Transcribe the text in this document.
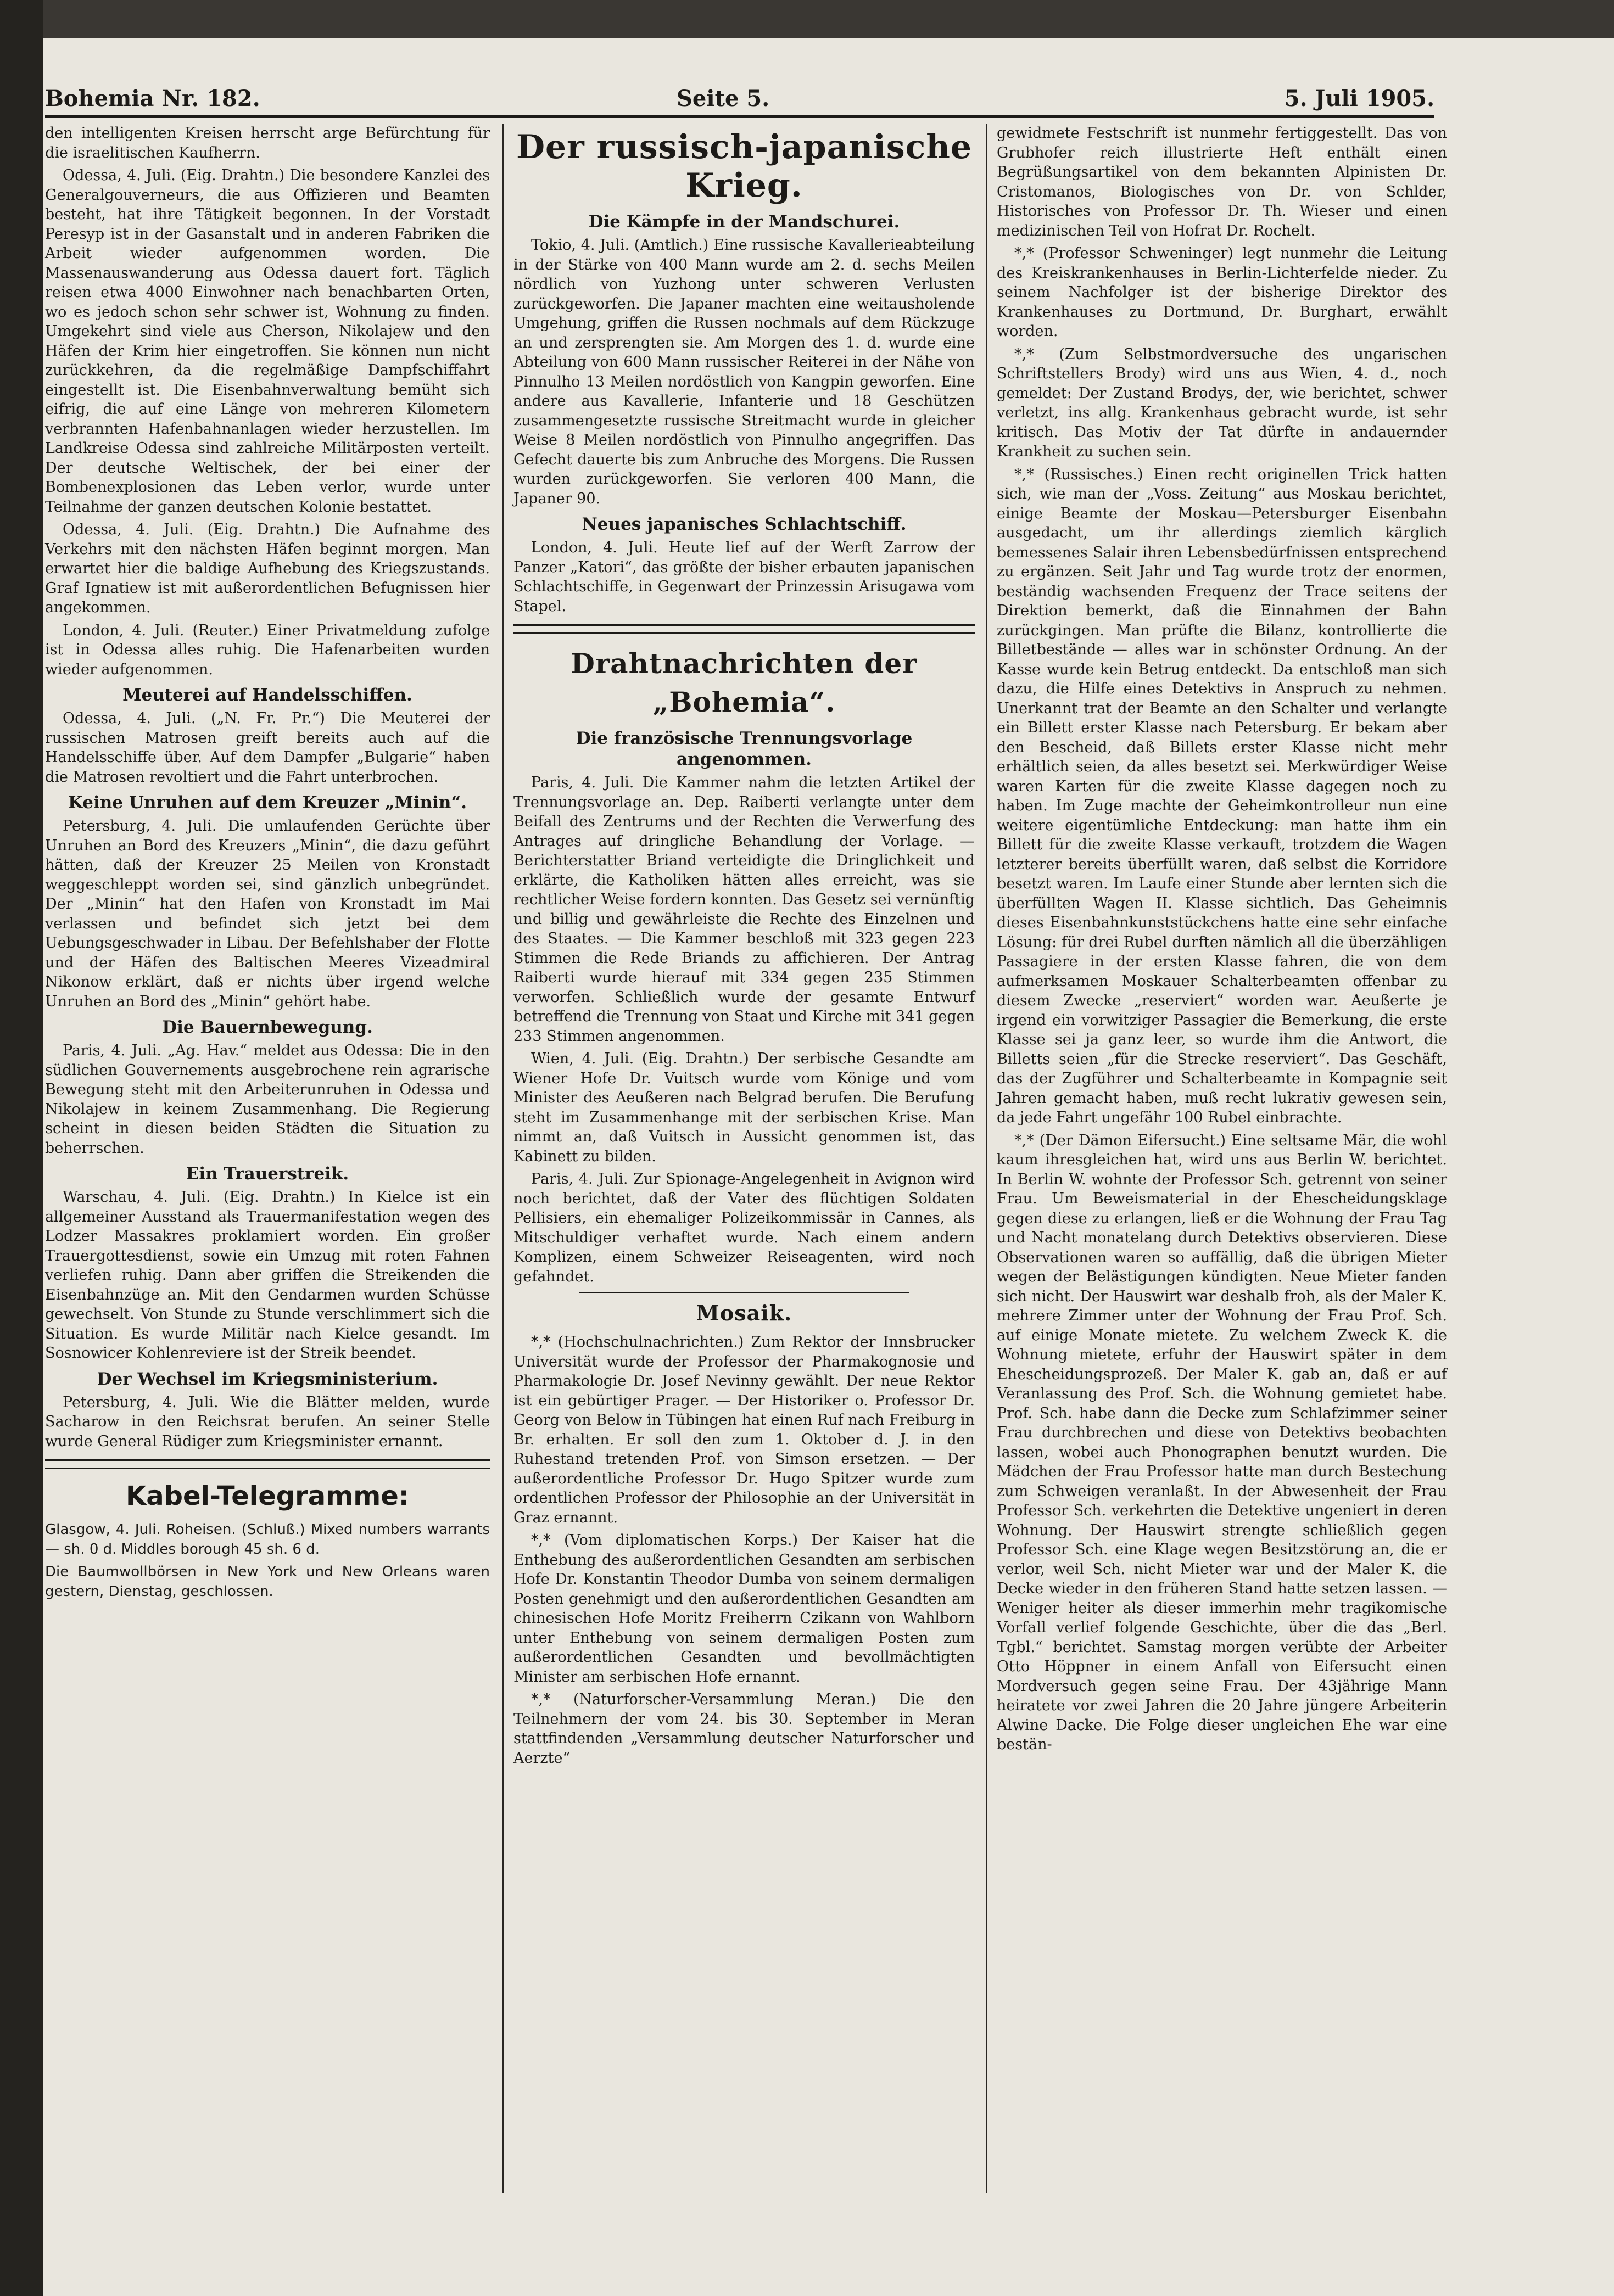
Bohemia Nr. 182.	Seite 5.	5. Juli 1905.

den intelligenten Kreisen herrscht arge Befürchtung für die israelitischen Kaufherrn.

Odessa, 4. Juli. (Eig. Drahtn.) Die besondere Kanzlei des Generalgouverneurs, die aus Offizieren und Beamten besteht, hat ihre Tätigkeit begonnen. In der Vorstadt Peresyp ist in der Gasanstalt und in anderen Fabriken die Arbeit wieder aufgenommen worden. Die Massenauswanderung aus Odessa dauert fort. Täglich reisen etwa 4000 Einwohner nach benachbarten Orten, wo es jedoch schon sehr schwer ist, Wohnung zu finden. Umgekehrt sind viele aus Cherson, Nikolajew und den Häfen der Krim hier eingetroffen. Sie können nun nicht zurückkehren, da die regelmäßige Dampfschiffahrt eingestellt ist. Die Eisenbahnverwaltung bemüht sich eifrig, die auf eine Länge von mehreren Kilometern verbrannten Hafenbahnanlagen wieder herzustellen. Im Landkreise Odessa sind zahlreiche Militärposten verteilt. Der deutsche Weltischek, der bei einer der Bombenexplosionen das Leben verlor, wurde unter Teilnahme der ganzen deutschen Kolonie bestattet.

Odessa, 4. Juli. (Eig. Drahtn.) Die Aufnahme des Verkehrs mit den nächsten Häfen beginnt morgen. Man erwartet hier die baldige Aufhebung des Kriegszustands. Graf Ignatiew ist mit außerordentlichen Befugnissen hier angekommen.

London, 4. Juli. (Reuter.) Einer Privatmeldung zufolge ist in Odessa alles ruhig. Die Hafenarbeiten wurden wieder aufgenommen.

Meuterei auf Handelsschiffen.

Odessa, 4. Juli. („N. Fr. Pr.“) Die Meuterei der russischen Matrosen greift bereits auch auf die Handelsschiffe über. Auf dem Dampfer „Bulgarie“ haben die Matrosen revoltiert und die Fahrt unterbrochen.

Keine Unruhen auf dem Kreuzer „Minin“.

Petersburg, 4. Juli. Die umlaufenden Gerüchte über Unruhen an Bord des Kreuzers „Minin“, die dazu geführt hätten, daß der Kreuzer 25 Meilen von Kronstadt weggeschleppt worden sei, sind gänzlich unbegründet. Der „Minin“ hat den Hafen von Kronstadt im Mai verlassen und befindet sich jetzt bei dem Uebungsgeschwader in Libau. Der Befehlshaber der Flotte und der Häfen des Baltischen Meeres Vizeadmiral Nikonow erklärt, daß er nichts über irgend welche Unruhen an Bord des „Minin“ gehört habe.

Die Bauernbewegung.

Paris, 4. Juli. „Ag. Hav.“ meldet aus Odessa: Die in den südlichen Gouvernements ausgebrochene rein agrarische Bewegung steht mit den Arbeiterunruhen in Odessa und Nikolajew in keinem Zusammenhang. Die Regierung scheint in diesen beiden Städten die Situation zu beherrschen.

Ein Trauerstreik.

Warschau, 4. Juli. (Eig. Drahtn.) In Kielce ist ein allgemeiner Ausstand als Trauermanifestation wegen des Lodzer Massakres proklamiert worden. Ein großer Trauergottesdienst, sowie ein Umzug mit roten Fahnen verliefen ruhig. Dann aber griffen die Streikenden die Eisenbahnzüge an. Mit den Gendarmen wurden Schüsse gewechselt. Von Stunde zu Stunde verschlimmert sich die Situation. Es wurde Militär nach Kielce gesandt. Im Sosnowicer Kohlenreviere ist der Streik beendet.

Der Wechsel im Kriegsministerium.

Petersburg, 4. Juli. Wie die Blätter melden, wurde Sacharow in den Reichsrat berufen. An seiner Stelle wurde General Rüdiger zum Kriegsminister ernannt.

Kabel-Telegramme:

Glasgow, 4. Juli. Roheisen. (Schluß.) Mixed numbers warrants — sh. 0 d. Middles borough 45 sh. 6 d.

Die Baumwollbörsen in New York und New Orleans waren gestern, Dienstag, geschlossen.

Der russisch-japanische Krieg.
Die Kämpfe in der Mandschurei.

Tokio, 4. Juli. (Amtlich.) Eine russische Kavallerieabteilung in der Stärke von 400 Mann wurde am 2. d. sechs Meilen nördlich von Yuzhong unter schweren Verlusten zurückgeworfen. Die Japaner machten eine weitausholende Umgehung, griffen die Russen nochmals auf dem Rückzuge an und zersprengten sie. Am Morgen des 1. d. wurde eine Abteilung von 600 Mann russischer Reiterei in der Nähe von Pinnulho 13 Meilen nordöstlich von Kangpin geworfen. Eine andere aus Kavallerie, Infanterie und 18 Geschützen zusammengesetzte russische Streitmacht wurde in gleicher Weise 8 Meilen nordöstlich von Pinnulho angegriffen. Das Gefecht dauerte bis zum Anbruche des Morgens. Die Russen wurden zurückgeworfen. Sie verloren 400 Mann, die Japaner 90.

Neues japanisches Schlachtschiff.

London, 4. Juli. Heute lief auf der Werft Zarrow der Panzer „Katori“, das größte der bisher erbauten japanischen Schlachtschiffe, in Gegenwart der Prinzessin Arisugawa vom Stapel.

Drahtnachrichten der „Bohemia“.
Die französische Trennungsvorlage angenommen.

Paris, 4. Juli. Die Kammer nahm die letzten Artikel der Trennungsvorlage an. Dep. Raiberti verlangte unter dem Beifall des Zentrums und der Rechten die Verwerfung des Antrages auf dringliche Behandlung der Vorlage. — Berichterstatter Briand verteidigte die Dringlichkeit und erklärte, die Katholiken hätten alles erreicht, was sie rechtlicher Weise fordern konnten. Das Gesetz sei vernünftig und billig und gewährleiste die Rechte des Einzelnen und des Staates. — Die Kammer beschloß mit 323 gegen 223 Stimmen die Rede Briands zu affichieren. Der Antrag Raiberti wurde hierauf mit 334 gegen 235 Stimmen verworfen. Schließlich wurde der gesamte Entwurf betreffend die Trennung von Staat und Kirche mit 341 gegen 233 Stimmen angenommen.

Wien, 4. Juli. (Eig. Drahtn.) Der serbische Gesandte am Wiener Hofe Dr. Vuitsch wurde vom Könige und vom Minister des Aeußeren nach Belgrad berufen. Die Berufung steht im Zusammenhange mit der serbischen Krise. Man nimmt an, daß Vuitsch in Aussicht genommen ist, das Kabinett zu bilden.

Paris, 4. Juli. Zur Spionage-Angelegenheit in Avignon wird noch berichtet, daß der Vater des flüchtigen Soldaten Pellisiers, ein ehemaliger Polizeikommissär in Cannes, als Mitschuldiger verhaftet wurde. Nach einem andern Komplizen, einem Schweizer Reiseagenten, wird noch gefahndet.

Mosaik.

*,* (Hochschulnachrichten.) Zum Rektor der Innsbrucker Universität wurde der Professor der Pharmakognosie und Pharmakologie Dr. Josef Nevinny gewählt. Der neue Rektor ist ein gebürtiger Prager. — Der Historiker o. Professor Dr. Georg von Below in Tübingen hat einen Ruf nach Freiburg in Br. erhalten. Er soll den zum 1. Oktober d. J. in den Ruhestand tretenden Prof. von Simson ersetzen. — Der außerordentliche Professor Dr. Hugo Spitzer wurde zum ordentlichen Professor der Philosophie an der Universität in Graz ernannt.

*,* (Vom diplomatischen Korps.) Der Kaiser hat die Enthebung des außerordentlichen Gesandten am serbischen Hofe Dr. Konstantin Theodor Dumba von seinem dermaligen Posten genehmigt und den außerordentlichen Gesandten am chinesischen Hofe Moritz Freiherrn Czikann von Wahlborn unter Enthebung von seinem dermaligen Posten zum außerordentlichen Gesandten und bevollmächtigten Minister am serbischen Hofe ernannt.

*,* (Naturforscher-Versammlung Meran.) Die den Teilnehmern der vom 24. bis 30. September in Meran stattfindenden „Versammlung deutscher Naturforscher und Aerzte“

gewidmete Festschrift ist nunmehr fertiggestellt. Das von Grubhofer reich illustrierte Heft enthält einen Begrüßungsartikel von dem bekannten Alpinisten Dr. Cristomanos, Biologisches von Dr. von Schlder, Historisches von Professor Dr. Th. Wieser und einen medizinischen Teil von Hofrat Dr. Rochelt.

*,* (Professor Schweninger) legt nunmehr die Leitung des Kreiskrankenhauses in Berlin-Lichterfelde nieder. Zu seinem Nachfolger ist der bisherige Direktor des Krankenhauses zu Dortmund, Dr. Burghart, erwählt worden.

*,* (Zum Selbstmordversuche des ungarischen Schriftstellers Brody) wird uns aus Wien, 4. d., noch gemeldet: Der Zustand Brodys, der, wie berichtet, schwer verletzt, ins allg. Krankenhaus gebracht wurde, ist sehr kritisch. Das Motiv der Tat dürfte in andauernder Krankheit zu suchen sein.

*,* (Russisches.) Einen recht originellen Trick hatten sich, wie man der „Voss. Zeitung“ aus Moskau berichtet, einige Beamte der Moskau—Petersburger Eisenbahn ausgedacht, um ihr allerdings ziemlich kärglich bemessenes Salair ihren Lebensbedürfnissen entsprechend zu ergänzen. Seit Jahr und Tag wurde trotz der enormen, beständig wachsenden Frequenz der Trace seitens der Direktion bemerkt, daß die Einnahmen der Bahn zurückgingen. Man prüfte die Bilanz, kontrollierte die Billetbestände — alles war in schönster Ordnung. An der Kasse wurde kein Betrug entdeckt. Da entschloß man sich dazu, die Hilfe eines Detektivs in Anspruch zu nehmen. Unerkannt trat der Beamte an den Schalter und verlangte ein Billett erster Klasse nach Petersburg. Er bekam aber den Bescheid, daß Billets erster Klasse nicht mehr erhältlich seien, da alles besetzt sei. Merkwürdiger Weise waren Karten für die zweite Klasse dagegen noch zu haben. Im Zuge machte der Geheimkontrolleur nun eine weitere eigentümliche Entdeckung: man hatte ihm ein Billett für die zweite Klasse verkauft, trotzdem die Wagen letzterer bereits überfüllt waren, daß selbst die Korridore besetzt waren. Im Laufe einer Stunde aber lernten sich die überfüllten Wagen II. Klasse sichtlich. Das Geheimnis dieses Eisenbahnkunststückchens hatte eine sehr einfache Lösung: für drei Rubel durften nämlich all die überzähligen Passagiere in der ersten Klasse fahren, die von dem aufmerksamen Moskauer Schalterbeamten offenbar zu diesem Zwecke „reserviert“ worden war. Aeußerte je irgend ein vorwitziger Passagier die Bemerkung, die erste Klasse sei ja ganz leer, so wurde ihm die Antwort, die Billetts seien „für die Strecke reserviert“. Das Geschäft, das der Zugführer und Schalterbeamte in Kompagnie seit Jahren gemacht haben, muß recht lukrativ gewesen sein, da jede Fahrt ungefähr 100 Rubel einbrachte.

*,* (Der Dämon Eifersucht.) Eine seltsame Mär, die wohl kaum ihresgleichen hat, wird uns aus Berlin W. berichtet. In Berlin W. wohnte der Professor Sch. getrennt von seiner Frau. Um Beweismaterial in der Ehescheidungsklage gegen diese zu erlangen, ließ er die Wohnung der Frau Tag und Nacht monatelang durch Detektivs observieren. Diese Observationen waren so auffällig, daß die übrigen Mieter wegen der Belästigungen kündigten. Neue Mieter fanden sich nicht. Der Hauswirt war deshalb froh, als der Maler K. mehrere Zimmer unter der Wohnung der Frau Prof. Sch. auf einige Monate mietete. Zu welchem Zweck K. die Wohnung mietete, erfuhr der Hauswirt später in dem Ehescheidungsprozeß. Der Maler K. gab an, daß er auf Veranlassung des Prof. Sch. die Wohnung gemietet habe. Prof. Sch. habe dann die Decke zum Schlafzimmer seiner Frau durchbrechen und diese von Detektivs beobachten lassen, wobei auch Phonographen benutzt wurden. Die Mädchen der Frau Professor hatte man durch Bestechung zum Schweigen veranlaßt. In der Abwesenheit der Frau Professor Sch. verkehrten die Detektive ungeniert in deren Wohnung. Der Hauswirt strengte schließlich gegen Professor Sch. eine Klage wegen Besitzstörung an, die er verlor, weil Sch. nicht Mieter war und der Maler K. die Decke wieder in den früheren Stand hatte setzen lassen. — Weniger heiter als dieser immerhin mehr tragikomische Vorfall verlief folgende Geschichte, über die das „Berl. Tgbl.“ berichtet. Samstag morgen verübte der Arbeiter Otto Höppner in einem Anfall von Eifersucht einen Mordversuch gegen seine Frau. Der 43jährige Mann heiratete vor zwei Jahren die 20 Jahre jüngere Arbeiterin Alwine Dacke. Die Folge dieser ungleichen Ehe war eine bestän-
